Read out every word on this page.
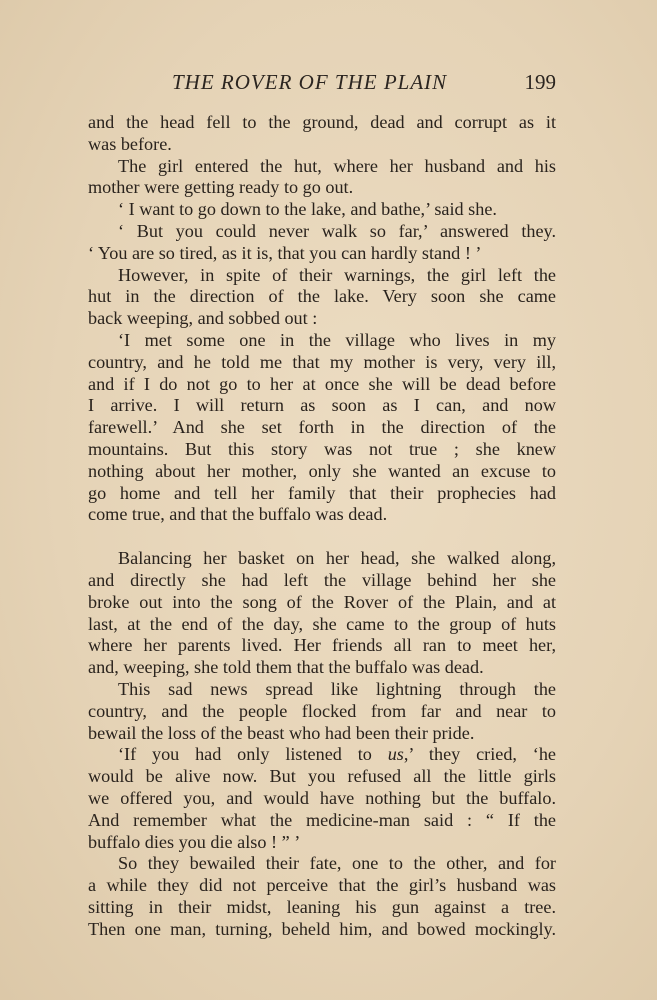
THE ROVER OF THE PLAIN	199
and the head fell to the ground, dead and corrupt as it
was before.
The girl entered the hut, where her husband and his
mother were getting ready to go out.
‘ I want to go down to the lake, and bathe,’ said she.
‘ But you could never walk so far,’ answered they.
‘ You are so tired, as it is, that you can hardly stand ! ’
However, in spite of their warnings, the girl left the
hut in the direction of the lake. Very soon she came
back weeping, and sobbed out :
‘I met some one in the village who lives in my
country, and he told me that my mother is very, very ill,
and if I do not go to her at once she will be dead before
I arrive. I will return as soon as I can, and now
farewell.’ And she set forth in the direction of the
mountains. But this story was not true ; she knew
nothing about her mother, only she wanted an excuse to
go home and tell her family that their prophecies had
come true, and that the buffalo was dead.
Balancing her basket on her head, she walked along,
and directly she had left the village behind her she
broke out into the song of the Rover of the Plain, and at
last, at the end of the day, she came to the group of huts
where her parents lived. Her friends all ran to meet her,
and, weeping, she told them that the buffalo was dead.
This sad news spread like lightning through the
country, and the people flocked from far and near to
bewail the loss of the beast who had been their pride.
‘If you had only listened to us,’ they cried, ‘he
would be alive now. But you refused all the little girls
we offered you, and would have nothing but the buffalo.
And remember what the medicine-man said : “ If the
buffalo dies you die also ! ” ’
So they bewailed their fate, one to the other, and for
a while they did not perceive that the girl’s husband was
sitting in their midst, leaning his gun against a tree.
Then one man, turning, beheld him, and bowed mockingly.
